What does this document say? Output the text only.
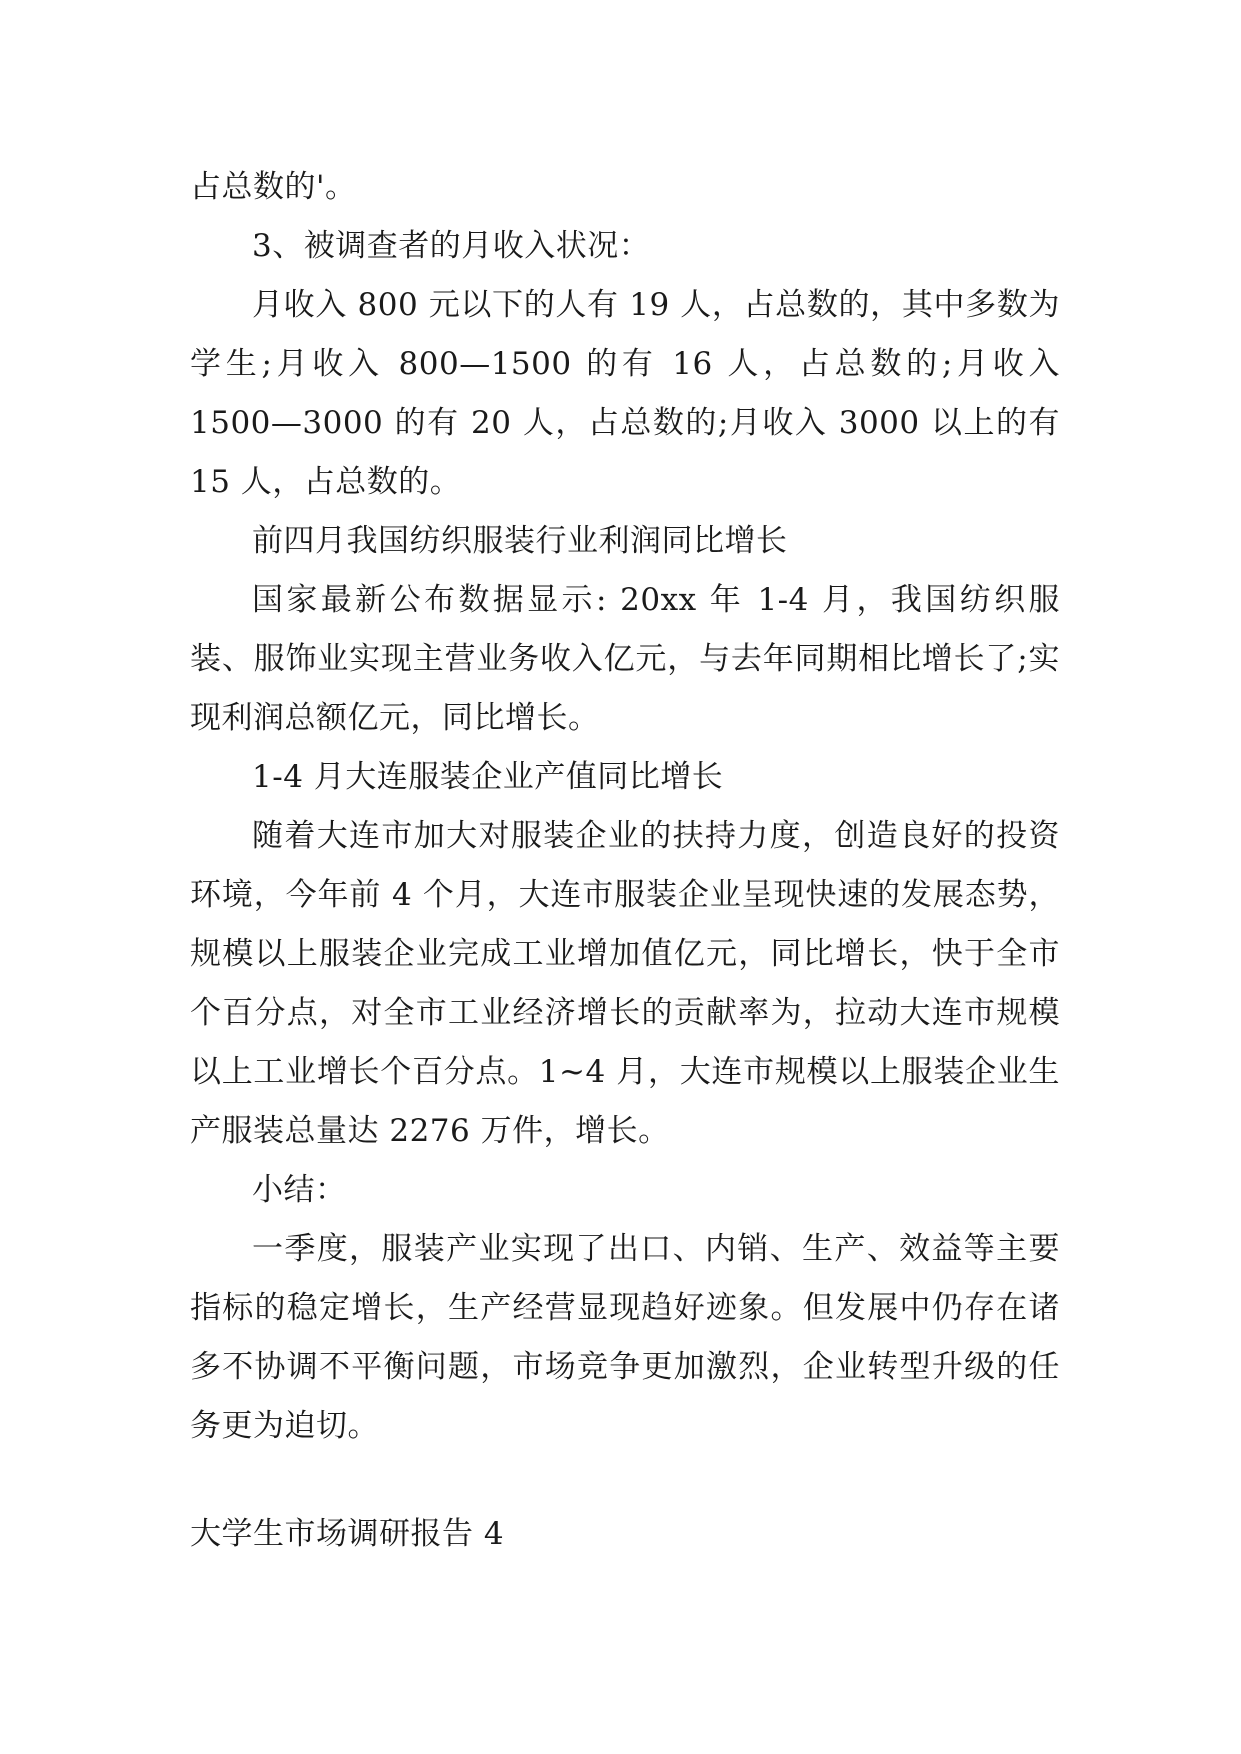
占总数的'。

3、被调查者的月收入状况：

月收入 800 元以下的人有 19 人，占总数的，其中多数为学生;月收入 800—1500 的有 16 人，占总数的;月收入 1500—3000 的有 20 人，占总数的;月收入 3000 以上的有 15 人，占总数的。

前四月我国纺织服装行业利润同比增长

国家最新公布数据显示: 20xx 年 1-4 月，我国纺织服装、服饰业实现主营业务收入亿元，与去年同期相比增长了;实现利润总额亿元，同比增长。

1-4 月大连服装企业产值同比增长

随着大连市加大对服装企业的扶持力度，创造良好的投资环境，今年前 4 个月，大连市服装企业呈现快速的发展态势，规模以上服装企业完成工业增加值亿元，同比增长，快于全市个百分点，对全市工业经济增长的贡献率为，拉动大连市规模以上工业增长个百分点。1~4 月，大连市规模以上服装企业生产服装总量达 2276 万件，增长。

小结：

一季度，服装产业实现了出口、内销、生产、效益等主要指标的稳定增长，生产经营显现趋好迹象。但发展中仍存在诸多不协调不平衡问题，市场竞争更加激烈，企业转型升级的任务更为迫切。

大学生市场调研报告 4
